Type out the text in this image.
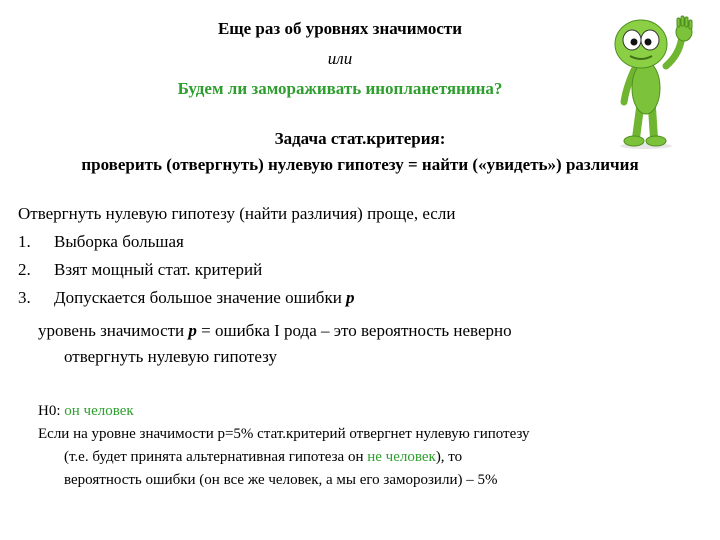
Еще раз об уровнях значимости
или
Будем ли замораживать инопланетянина?
Задача стат.критерия:
проверить (отвергнуть) нулевую гипотезу = найти («увидеть») различия
Отвергнуть нулевую гипотезу (найти различия) проще, если
1.	Выборка большая
2.	Взят мощный стат. критерий
3.	Допускается большое значение ошибки p
уровень значимости p = ошибка I рода – это вероятность неверно
отвергнуть нулевую гипотезу
H0: он человек
Если на уровне значимости p=5% стат.критерий отвергнет нулевую гипотезу
(т.е. будет принята альтернативная гипотеза он не человек), то
вероятность ошибки (он все же человек, а мы его заморозили) – 5%
